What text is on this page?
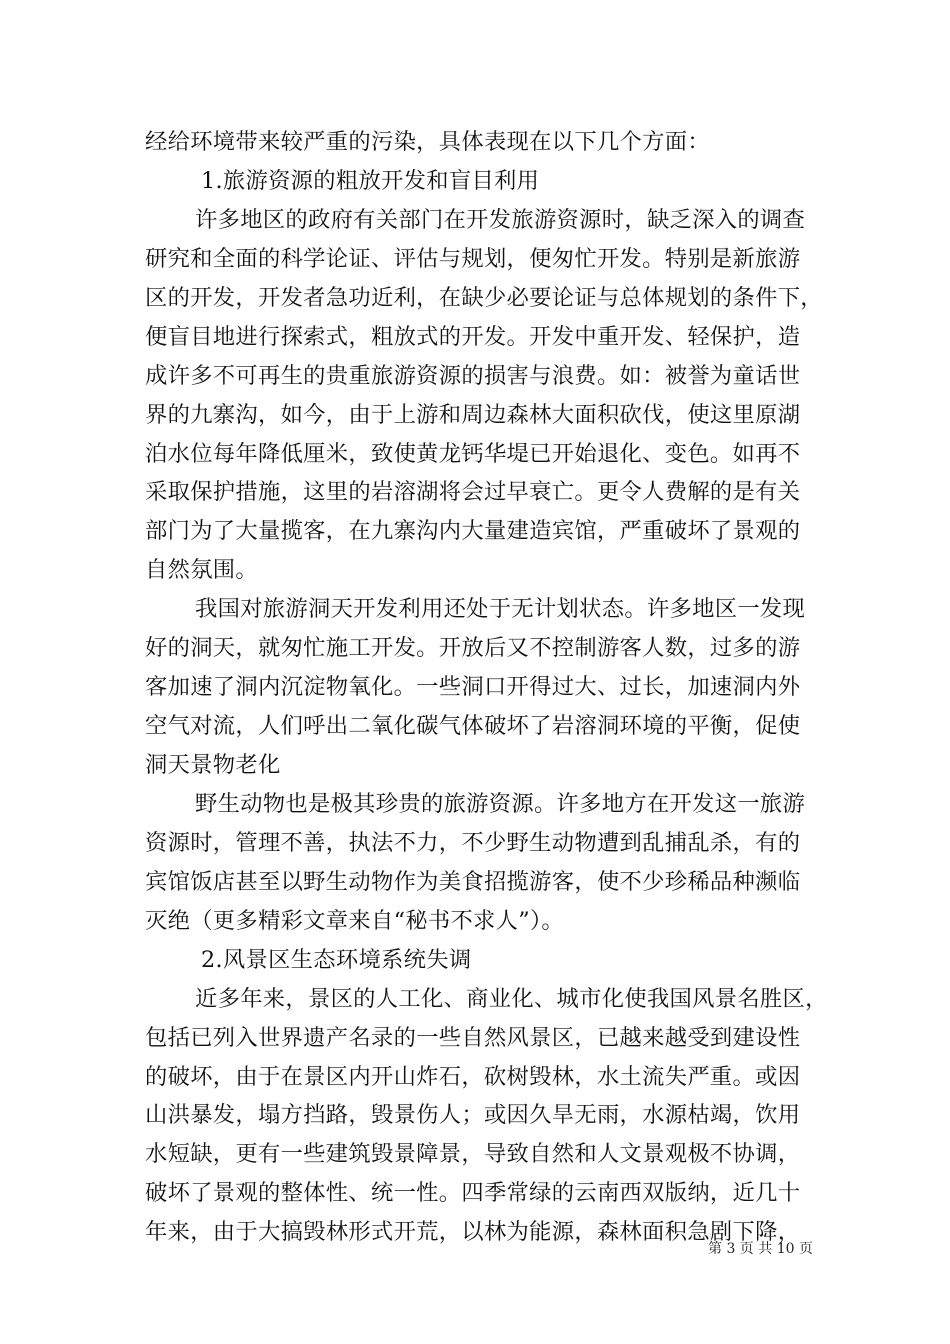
经给环境带来较严重的污染，具体表现在以下几个方面：
1.旅游资源的粗放开发和盲目利用
许多地区的政府有关部门在开发旅游资源时，缺乏深入的调查
研究和全面的科学论证、评估与规划，便匆忙开发。特别是新旅游
区的开发，开发者急功近利，在缺少必要论证与总体规划的条件下，
便盲目地进行探索式，粗放式的开发。开发中重开发、轻保护，造
成许多不可再生的贵重旅游资源的损害与浪费。如：被誉为童话世
界的九寨沟，如今，由于上游和周边森林大面积砍伐，使这里原湖
泊水位每年降低厘米，致使黄龙钙华堤已开始退化、变色。如再不
采取保护措施，这里的岩溶湖将会过早衰亡。更令人费解的是有关
部门为了大量揽客，在九寨沟内大量建造宾馆，严重破坏了景观的
自然氛围。
我国对旅游洞天开发利用还处于无计划状态。许多地区一发现
好的洞天，就匆忙施工开发。开放后又不控制游客人数，过多的游
客加速了洞内沉淀物氧化。一些洞口开得过大、过长，加速洞内外
空气对流，人们呼出二氧化碳气体破坏了岩溶洞环境的平衡，促使
洞天景物老化
野生动物也是极其珍贵的旅游资源。许多地方在开发这一旅游
资源时，管理不善，执法不力，不少野生动物遭到乱捕乱杀，有的
宾馆饭店甚至以野生动物作为美食招揽游客，使不少珍稀品种濒临
灭绝（更多精彩文章来自“秘书不求人”）。
2.风景区生态环境系统失调
近多年来，景区的人工化、商业化、城市化使我国风景名胜区，
包括已列入世界遗产名录的一些自然风景区，已越来越受到建设性
的破坏，由于在景区内开山炸石，砍树毁林，水土流失严重。或因
山洪暴发，塌方挡路，毁景伤人；或因久旱无雨，水源枯竭，饮用
水短缺，更有一些建筑毁景障景，导致自然和人文景观极不协调，
破坏了景观的整体性、统一性。四季常绿的云南西双版纳，近几十
年来，由于大搞毁林形式开荒，以林为能源，森林面积急剧下降，
第 3 页 共 10 页
